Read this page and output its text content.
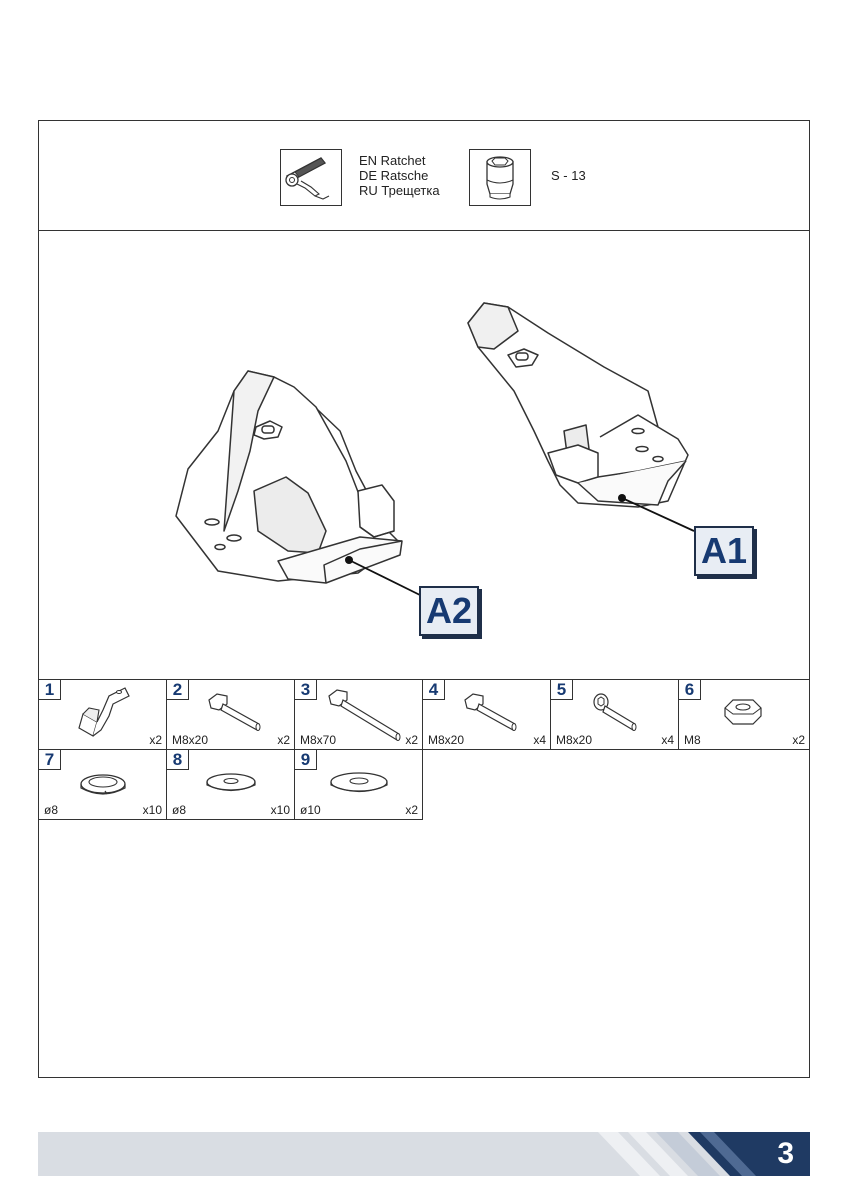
EN Ratchet
DE Ratsche
RU Трещетка
S - 13
A1
A2
1
x2
2
M8x20	x2
3
M8x70	x2
4
M8x20	x4
5
M8x20	x4
6
M8	x2
7
ø8	x10
8
ø8	x10
9
ø10	x2
3
